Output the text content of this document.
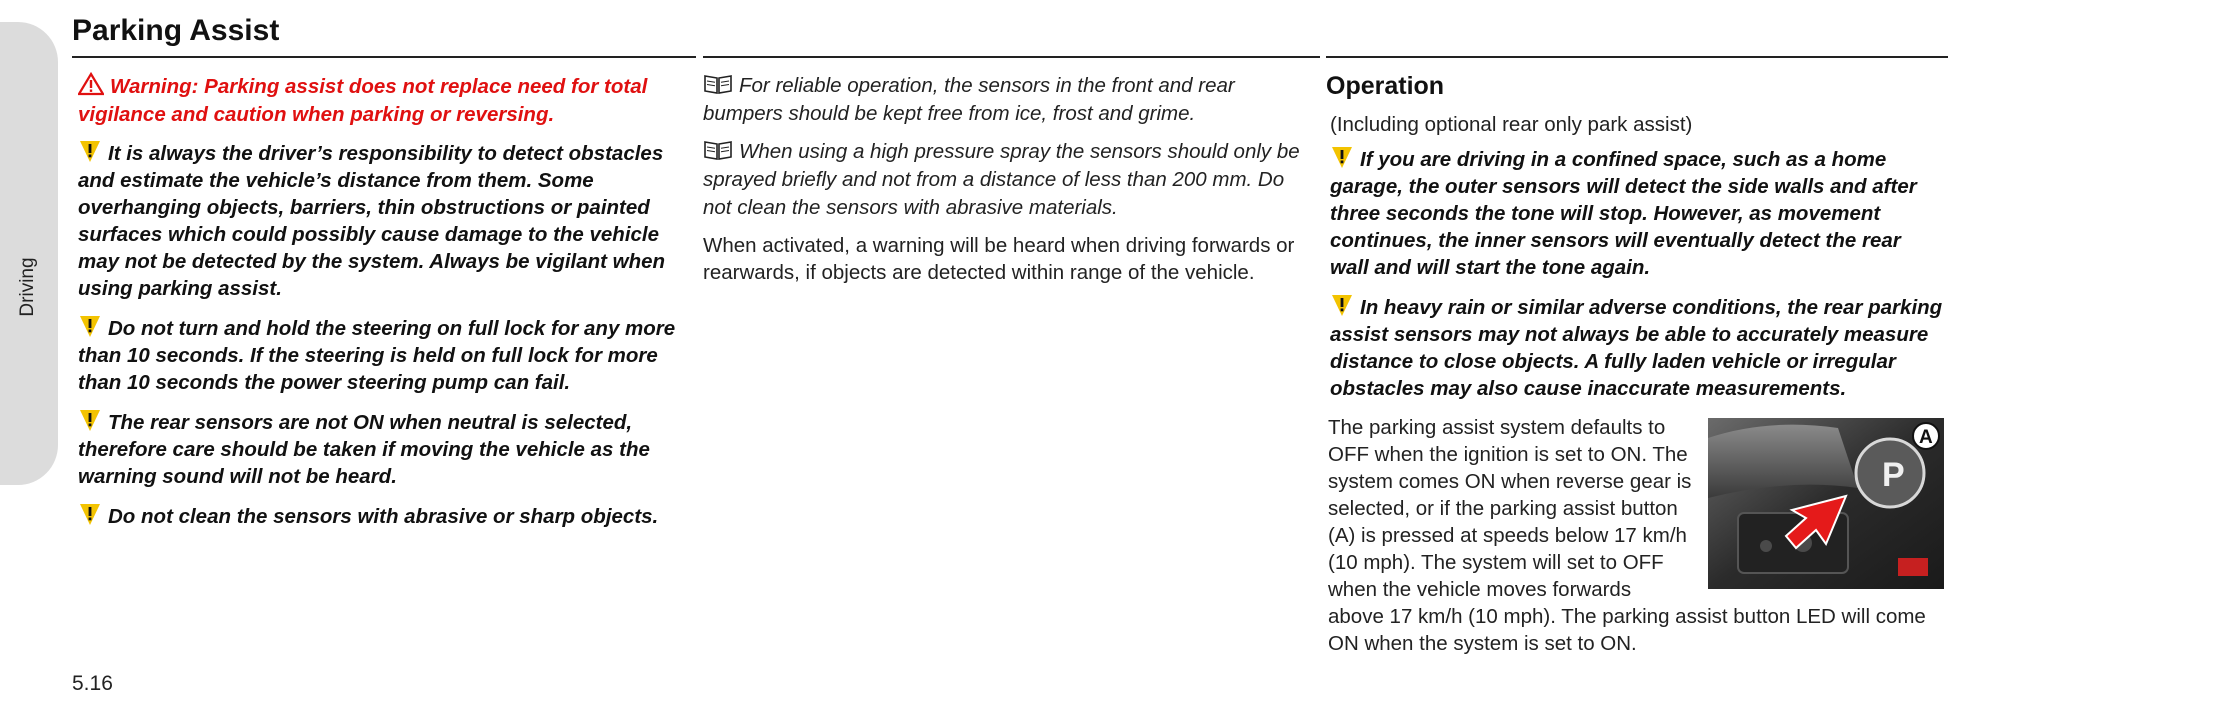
Driving
Parking Assist

Warning: Parking assist does not replace need for total vigilance and caution when parking or reversing.

It is always the driver’s responsibility to detect obstacles and estimate the vehicle’s distance from them. Some overhanging objects, barriers, thin obstructions or painted surfaces which could possibly cause damage to the vehicle may not be detected by the system. Always be vigilant when using parking assist.

Do not turn and hold the steering on full lock for any more than 10 seconds. If the steering is held on full lock for more than 10 seconds the power steering pump can fail.

The rear sensors are not ON when neutral is selected, therefore care should be taken if moving the vehicle as the warning sound will not be heard.

Do not clean the sensors with abrasive or sharp objects.

For reliable operation, the sensors in the front and rear bumpers should be kept free from ice, frost and grime.

When using a high pressure spray the sensors should only be sprayed briefly and not from a distance of less than 200 mm. Do not clean the sensors with abrasive materials.

When activated, a warning will be heard when driving forwards or rearwards, if objects are detected within range of the vehicle.

Operation
(Including optional rear only park assist)

If you are driving in a confined space, such as a home garage, the outer sensors will detect the side walls and after three seconds the tone will stop. However, as movement continues, the inner sensors will eventually detect the rear wall and will start the tone again.

In heavy rain or similar adverse conditions, the rear parking assist sensors may not always be able to accurately measure distance to close objects. A fully laden vehicle or irregular obstacles may also cause inaccurate measurements.

P
A

The parking assist system defaults to OFF when the ignition is set to ON. The system comes ON when reverse gear is selected, or if the parking assist button (A) is pressed at speeds below 17 km/h (10 mph). The system will set to OFF when the vehicle moves forwards above 17 km/h (10 mph). The parking assist button LED will come ON when the system is set to ON.

5.16
